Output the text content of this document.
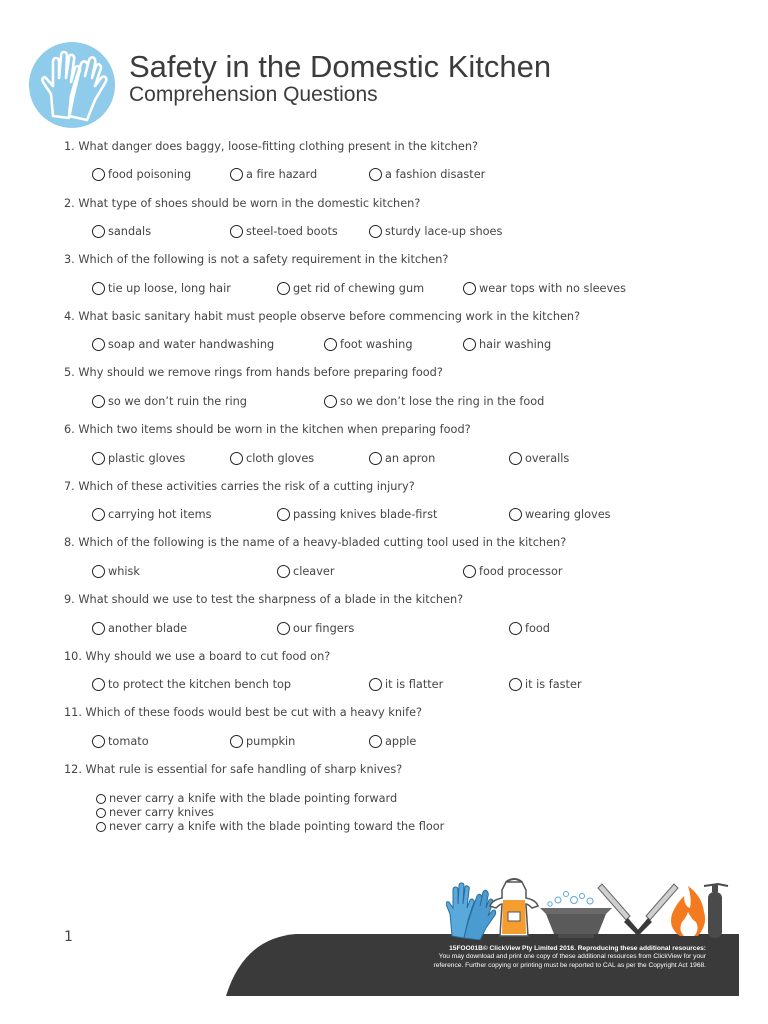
Safety in the Domestic Kitchen
Comprehension Questions
1. What danger does baggy, loose-fitting clothing present in the kitchen?
food poisoning	a fire hazard	a fashion disaster
2. What type of shoes should be worn in the domestic kitchen?
sandals	steel-toed boots	sturdy lace-up shoes
3. Which of the following is not a safety requirement in the kitchen?
tie up loose, long hair	get rid of chewing gum	wear tops with no sleeves
4. What basic sanitary habit must people observe before commencing work in the kitchen?
soap and water handwashing	foot washing	hair washing
5. Why should we remove rings from hands before preparing food?
so we don’t ruin the ring	so we don’t lose the ring in the food
6. Which two items should be worn in the kitchen when preparing food?
plastic gloves	cloth gloves	an apron	overalls
7. Which of these activities carries the risk of a cutting injury?
carrying hot items	passing knives blade-first	wearing gloves
8. Which of the following is the name of a heavy-bladed cutting tool used in the kitchen?
whisk	cleaver	food processor
9. What should we use to test the sharpness of a blade in the kitchen?
another blade	our fingers	food
10. Why should we use a board to cut food on?
to protect the kitchen bench top	it is flatter	it is faster
11. Which of these foods would best be cut with a heavy knife?
tomato	pumpkin	apple
12. What rule is essential for safe handling of sharp knives?
never carry a knife with the blade pointing forward
never carry knives
never carry a knife with the blade pointing toward the floor
1
15FOO01B© ClickView Pty Limited 2016. Reproducing these additional resources:
You may download and print one copy of these additional resources from ClickView for your
reference. Further copying or printing must be reported to CAL as per the Copyright Act 1968.
